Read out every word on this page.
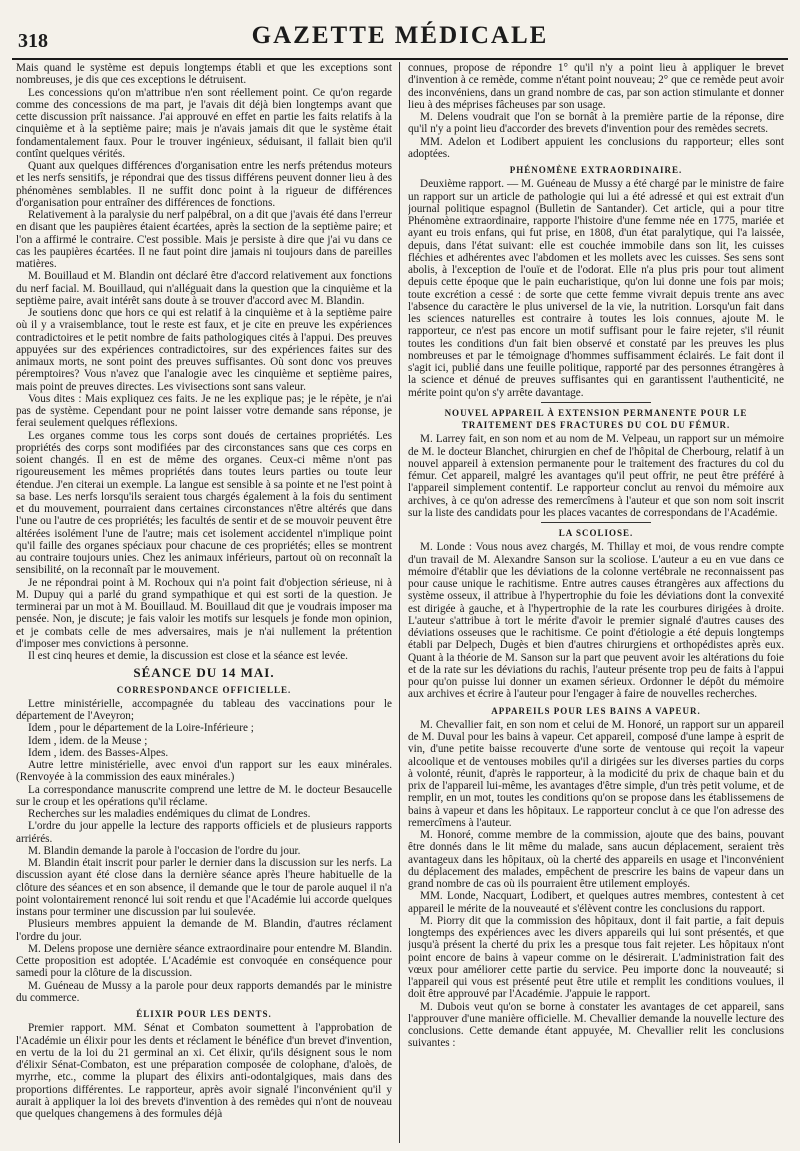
318	GAZETTE MÉDICALE

Mais quand le système est depuis longtemps établi et que les exceptions sont nombreuses, je dis que ces exceptions le détruisent.

Les concessions qu'on m'attribue n'en sont réellement point. Ce qu'on regarde comme des concessions de ma part, je l'avais dit déjà bien longtemps avant que cette discussion prît naissance. J'ai approuvé en effet en partie les faits relatifs à la cinquième et à la septième paire; mais je n'avais jamais dit que le système était fondamentalement faux. Pour le trouver ingénieux, séduisant, il fallait bien qu'il contînt quelques vérités.

Quant aux quelques différences d'organisation entre les nerfs prétendus moteurs et les nerfs sensitifs, je répondrai que des tissus différens peuvent donner lieu à des phénomènes semblables. Il ne suffit donc point à la rigueur de différences d'organisation pour entraîner des différences de fonctions.

Relativement à la paralysie du nerf palpébral, on a dit que j'avais été dans l'erreur en disant que les paupières étaient écartées, après la section de la septième paire; et l'on a affirmé le contraire. C'est possible. Mais je persiste à dire que j'ai vu dans ce cas les paupières écartées. Il ne faut point dire jamais ni toujours dans de pareilles matières.

M. Bouillaud et M. Blandin ont déclaré être d'accord relativement aux fonctions du nerf facial. M. Bouillaud, qui n'alléguait dans la question que la cinquième et la septième paire, avait intérêt sans doute à se trouver d'accord avec M. Blandin.

Je soutiens donc que hors ce qui est relatif à la cinquième et à la septième paire où il y a vraisemblance, tout le reste est faux, et je cite en preuve les expériences contradictoires et le petit nombre de faits pathologiques cités à l'appui. Des preuves appuyées sur des expériences contradictoires, sur des expériences faites sur des animaux morts, ne sont point des preuves suffisantes. Où sont donc vos preuves péremptoires? Vous n'avez que l'analogie avec les cinquième et septième paires, mais point de preuves directes. Les vivisections sont sans valeur.

Vous dites : Mais expliquez ces faits. Je ne les explique pas; je le répète, je n'ai pas de système. Cependant pour ne point laisser votre demande sans réponse, je ferai seulement quelques réflexions.

Les organes comme tous les corps sont doués de certaines propriétés. Les propriétés des corps sont modifiées par des circonstances sans que ces corps en soient changés. Il en est de même des organes. Ceux-ci même n'ont pas rigoureusement les mêmes propriétés dans toutes leurs parties ou toute leur étendue. J'en citerai un exemple. La langue est sensible à sa pointe et ne l'est point à sa base. Les nerfs lorsqu'ils seraient tous chargés également à la fois du sentiment et du mouvement, pourraient dans certaines circonstances n'être altérés que dans l'une ou l'autre de ces propriétés; les facultés de sentir et de se mouvoir peuvent être altérées isolément l'une de l'autre; mais cet isolement accidentel n'implique point qu'il faille des organes spéciaux pour chacune de ces propriétés; elles se montrent au contraire toujours unies. Chez les animaux inférieurs, partout où on reconnaît la sensibilité, on la reconnaît par le mouvement.

Je ne répondrai point à M. Rochoux qui n'a point fait d'objection sérieuse, ni à M. Dupuy qui a parlé du grand sympathique et qui est sorti de la question. Je terminerai par un mot à M. Bouillaud. M. Bouillaud dit que je voudrais imposer ma pensée. Non, je discute; je fais valoir les motifs sur lesquels je fonde mon opinion, et je combats celle de mes adversaires, mais je n'ai nullement la prétention d'imposer mes convictions à personne.

Il est cinq heures et demie, la discussion est close et la séance est levée.

SÉANCE DU 14 MAI.
CORRESPONDANCE OFFICIELLE.

Lettre ministérielle, accompagnée du tableau des vaccinations pour le département de l'Aveyron;

Idem , pour le département de la Loire-Inférieure ;

Idem , idem. de la Meuse ;

Idem , idem. des Basses-Alpes.

Autre lettre ministérielle, avec envoi d'un rapport sur les eaux minérales. (Renvoyée à la commission des eaux minérales.)

La correspondance manuscrite comprend une lettre de M. le docteur Besaucelle sur le croup et les opérations qu'il réclame.

Recherches sur les maladies endémiques du climat de Londres.

L'ordre du jour appelle la lecture des rapports officiels et de plusieurs rapports arriérés.

M. Blandin demande la parole à l'occasion de l'ordre du jour.

M. Blandin était inscrit pour parler le dernier dans la discussion sur les nerfs. La discussion ayant été close dans la dernière séance après l'heure habituelle de la clôture des séances et en son absence, il demande que le tour de parole auquel il n'a point volontairement renoncé lui soit rendu et que l'Académie lui accorde quelques instans pour terminer une discussion par lui soulevée.

Plusieurs membres appuient la demande de M. Blandin, d'autres réclament l'ordre du jour.

M. Delens propose une dernière séance extraordinaire pour entendre M. Blandin. Cette proposition est adoptée. L'Académie est convoquée en conséquence pour samedi pour la clôture de la discussion.

M. Guéneau de Mussy a la parole pour deux rapports demandés par le ministre du commerce.

ÉLIXIR POUR LES DENTS.

Premier rapport. MM. Sénat et Combaton soumettent à l'approbation de l'Académie un élixir pour les dents et réclament le bénéfice d'un brevet d'invention, en vertu de la loi du 21 germinal an xi. Cet élixir, qu'ils désignent sous le nom d'élixir Sénat-Combaton, est une préparation composée de colophane, d'aloès, de myrrhe, etc., comme la plupart des élixirs anti-odontalgiques, mais dans des proportions différentes. Le rapporteur, après avoir signalé l'inconvénient qu'il y aurait à appliquer la loi des brevets d'invention à des remèdes qui n'ont de nouveau que quelques changemens à des formules déjà

connues, propose de répondre 1° qu'il n'y a point lieu à appliquer le brevet d'invention à ce remède, comme n'étant point nouveau; 2° que ce remède peut avoir des inconvéniens, dans un grand nombre de cas, par son action stimulante et donner lieu à des méprises fâcheuses par son usage.

M. Delens voudrait que l'on se bornât à la première partie de la réponse, dire qu'il n'y a point lieu d'accorder des brevets d'invention pour des remèdes secrets.

MM. Adelon et Lodibert appuient les conclusions du rapporteur; elles sont adoptées.

PHÉNOMÈNE EXTRAORDINAIRE.

Deuxième rapport. — M. Guéneau de Mussy a été chargé par le ministre de faire un rapport sur un article de pathologie qui lui a été adressé et qui est extrait d'un journal politique espagnol (Bulletin de Santander). Cet article, qui a pour titre Phénomène extraordinaire, rapporte l'histoire d'une femme née en 1775, mariée et ayant eu trois enfans, qui fut prise, en 1808, d'un état paralytique, qui l'a laissée, depuis, dans l'état suivant: elle est couchée immobile dans son lit, les cuisses fléchies et adhérentes avec l'abdomen et les mollets avec les cuisses. Ses sens sont abolis, à l'exception de l'ouïe et de l'odorat. Elle n'a plus pris pour tout aliment depuis cette époque que le pain eucharistique, qu'on lui donne une fois par mois; toute excrétion a cessé : de sorte que cette femme vivrait depuis trente ans avec l'absence du caractère le plus universel de la vie, la nutrition. Lorsqu'un fait dans les sciences naturelles est contraire à toutes les lois connues, ajoute M. le rapporteur, ce n'est pas encore un motif suffisant pour le faire rejeter, s'il réunit toutes les conditions d'un fait bien observé et constaté par les preuves les plus nombreuses et par le témoignage d'hommes suffisamment éclairés. Le fait dont il s'agit ici, publié dans une feuille politique, rapporté par des personnes étrangères à la science et dénué de preuves suffisantes qui en garantissent l'authenticité, ne mérite point qu'on s'y arrête davantage.

NOUVEL APPAREIL À EXTENSION PERMANENTE POUR LE TRAITEMENT DES FRACTURES DU COL DU FÉMUR.

M. Larrey fait, en son nom et au nom de M. Velpeau, un rapport sur un mémoire de M. le docteur Blanchet, chirurgien en chef de l'hôpital de Cherbourg, relatif à un nouvel appareil à extension permanente pour le traitement des fractures du col du fémur. Cet appareil, malgré les avantages qu'il peut offrir, ne peut être préféré à l'appareil simplement contentif. Le rapporteur conclut au renvoi du mémoire aux archives, à ce qu'on adresse des remercîmens à l'auteur et que son nom soit inscrit sur la liste des candidats pour les places vacantes de correspondans de l'Académie.

LA SCOLIOSE.

M. Londe : Vous nous avez chargés, M. Thillay et moi, de vous rendre compte d'un travail de M. Alexandre Sanson sur la scoliose. L'auteur a eu en vue dans ce mémoire d'établir que les déviations de la colonne vertébrale ne reconnaissent pas pour cause unique le rachitisme. Entre autres causes étrangères aux affections du système osseux, il attribue à l'hypertrophie du foie les déviations dont la convexité est dirigée à gauche, et à l'hypertrophie de la rate les courbures dirigées à droite. L'auteur s'attribue à tort le mérite d'avoir le premier signalé d'autres causes des déviations osseuses que le rachitisme. Ce point d'étiologie a été depuis longtemps établi par Delpech, Dugès et bien d'autres chirurgiens et orthopédistes après eux. Quant à la théorie de M. Sanson sur la part que peuvent avoir les altérations du foie et de la rate sur les déviations du rachis, l'auteur présente trop peu de faits à l'appui pour qu'on puisse lui donner un examen sérieux. Ordonner le dépôt du mémoire aux archives et écrire à l'auteur pour l'engager à faire de nouvelles recherches.

APPAREILS POUR LES BAINS A VAPEUR.

M. Chevallier fait, en son nom et celui de M. Honoré, un rapport sur un appareil de M. Duval pour les bains à vapeur. Cet appareil, composé d'une lampe à esprit de vin, d'une petite baisse recouverte d'une sorte de ventouse qui reçoit la vapeur alcoolique et de ventouses mobiles qu'il a dirigées sur les diverses parties du corps à volonté, réunit, d'après le rapporteur, à la modicité du prix de chaque bain et du prix de l'appareil lui-même, les avantages d'être simple, d'un très petit volume, et de remplir, en un mot, toutes les conditions qu'on se propose dans les établissemens de bains à vapeur et dans les hôpitaux. Le rapporteur conclut à ce que l'on adresse des remercîmens à l'auteur.

M. Honoré, comme membre de la commission, ajoute que des bains, pouvant être donnés dans le lit même du malade, sans aucun déplacement, seraient très avantageux dans les hôpitaux, où la cherté des appareils en usage et l'inconvénient du déplacement des malades, empêchent de prescrire les bains de vapeur dans un grand nombre de cas où ils pourraient être utilement employés.

MM. Londe, Nacquart, Lodibert, et quelques autres membres, contestent à cet appareil le mérite de la nouveauté et s'élèvent contre les conclusions du rapport.

M. Piorry dit que la commission des hôpitaux, dont il fait partie, a fait depuis longtemps des expériences avec les divers appareils qui lui sont présentés, et que jusqu'à présent la cherté du prix les a presque tous fait rejeter. Les hôpitaux n'ont point encore de bains à vapeur comme on le désirerait. L'administration fait des vœux pour améliorer cette partie du service. Peu importe donc la nouveauté; si l'appareil qui vous est présenté peut être utile et remplit les conditions voulues, il doit être approuvé par l'Académie. J'appuie le rapport.

M. Dubois veut qu'on se borne à constater les avantages de cet appareil, sans l'approuver d'une manière officielle. M. Chevallier demande la nouvelle lecture des conclusions. Cette demande étant appuyée, M. Chevallier relit les conclusions suivantes :
